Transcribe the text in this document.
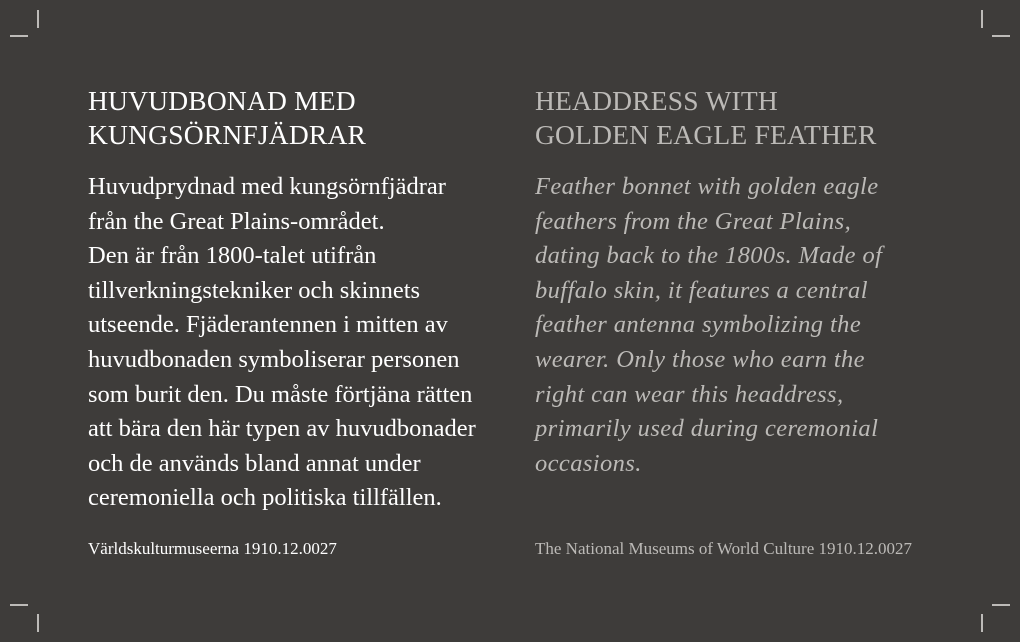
HUVUDBONAD MED
KUNGSÖRNFJÄDRAR

Huvudprydnad med kungsörnfjädrar
från the Great Plains-området.
Den är från 1800-talet utifrån
tillverkningstekniker och skinnets
utseende. Fjäderantennen i mitten av
huvudbonaden symboliserar personen
som burit den. Du måste förtjäna rätten
att bära den här typen av huvudbonader
och de används bland annat under
ceremoniella och politiska tillfällen.

Världskulturmuseerna 1910.12.0027

HEADDRESS WITH
GOLDEN EAGLE FEATHER

Feather bonnet with golden eagle
feathers from the Great Plains,
dating back to the 1800s. Made of
buffalo skin, it features a central
feather antenna symbolizing the
wearer. Only those who earn the
right can wear this headdress,
primarily used during ceremonial
occasions.

The National Museums of World Culture 1910.12.0027
